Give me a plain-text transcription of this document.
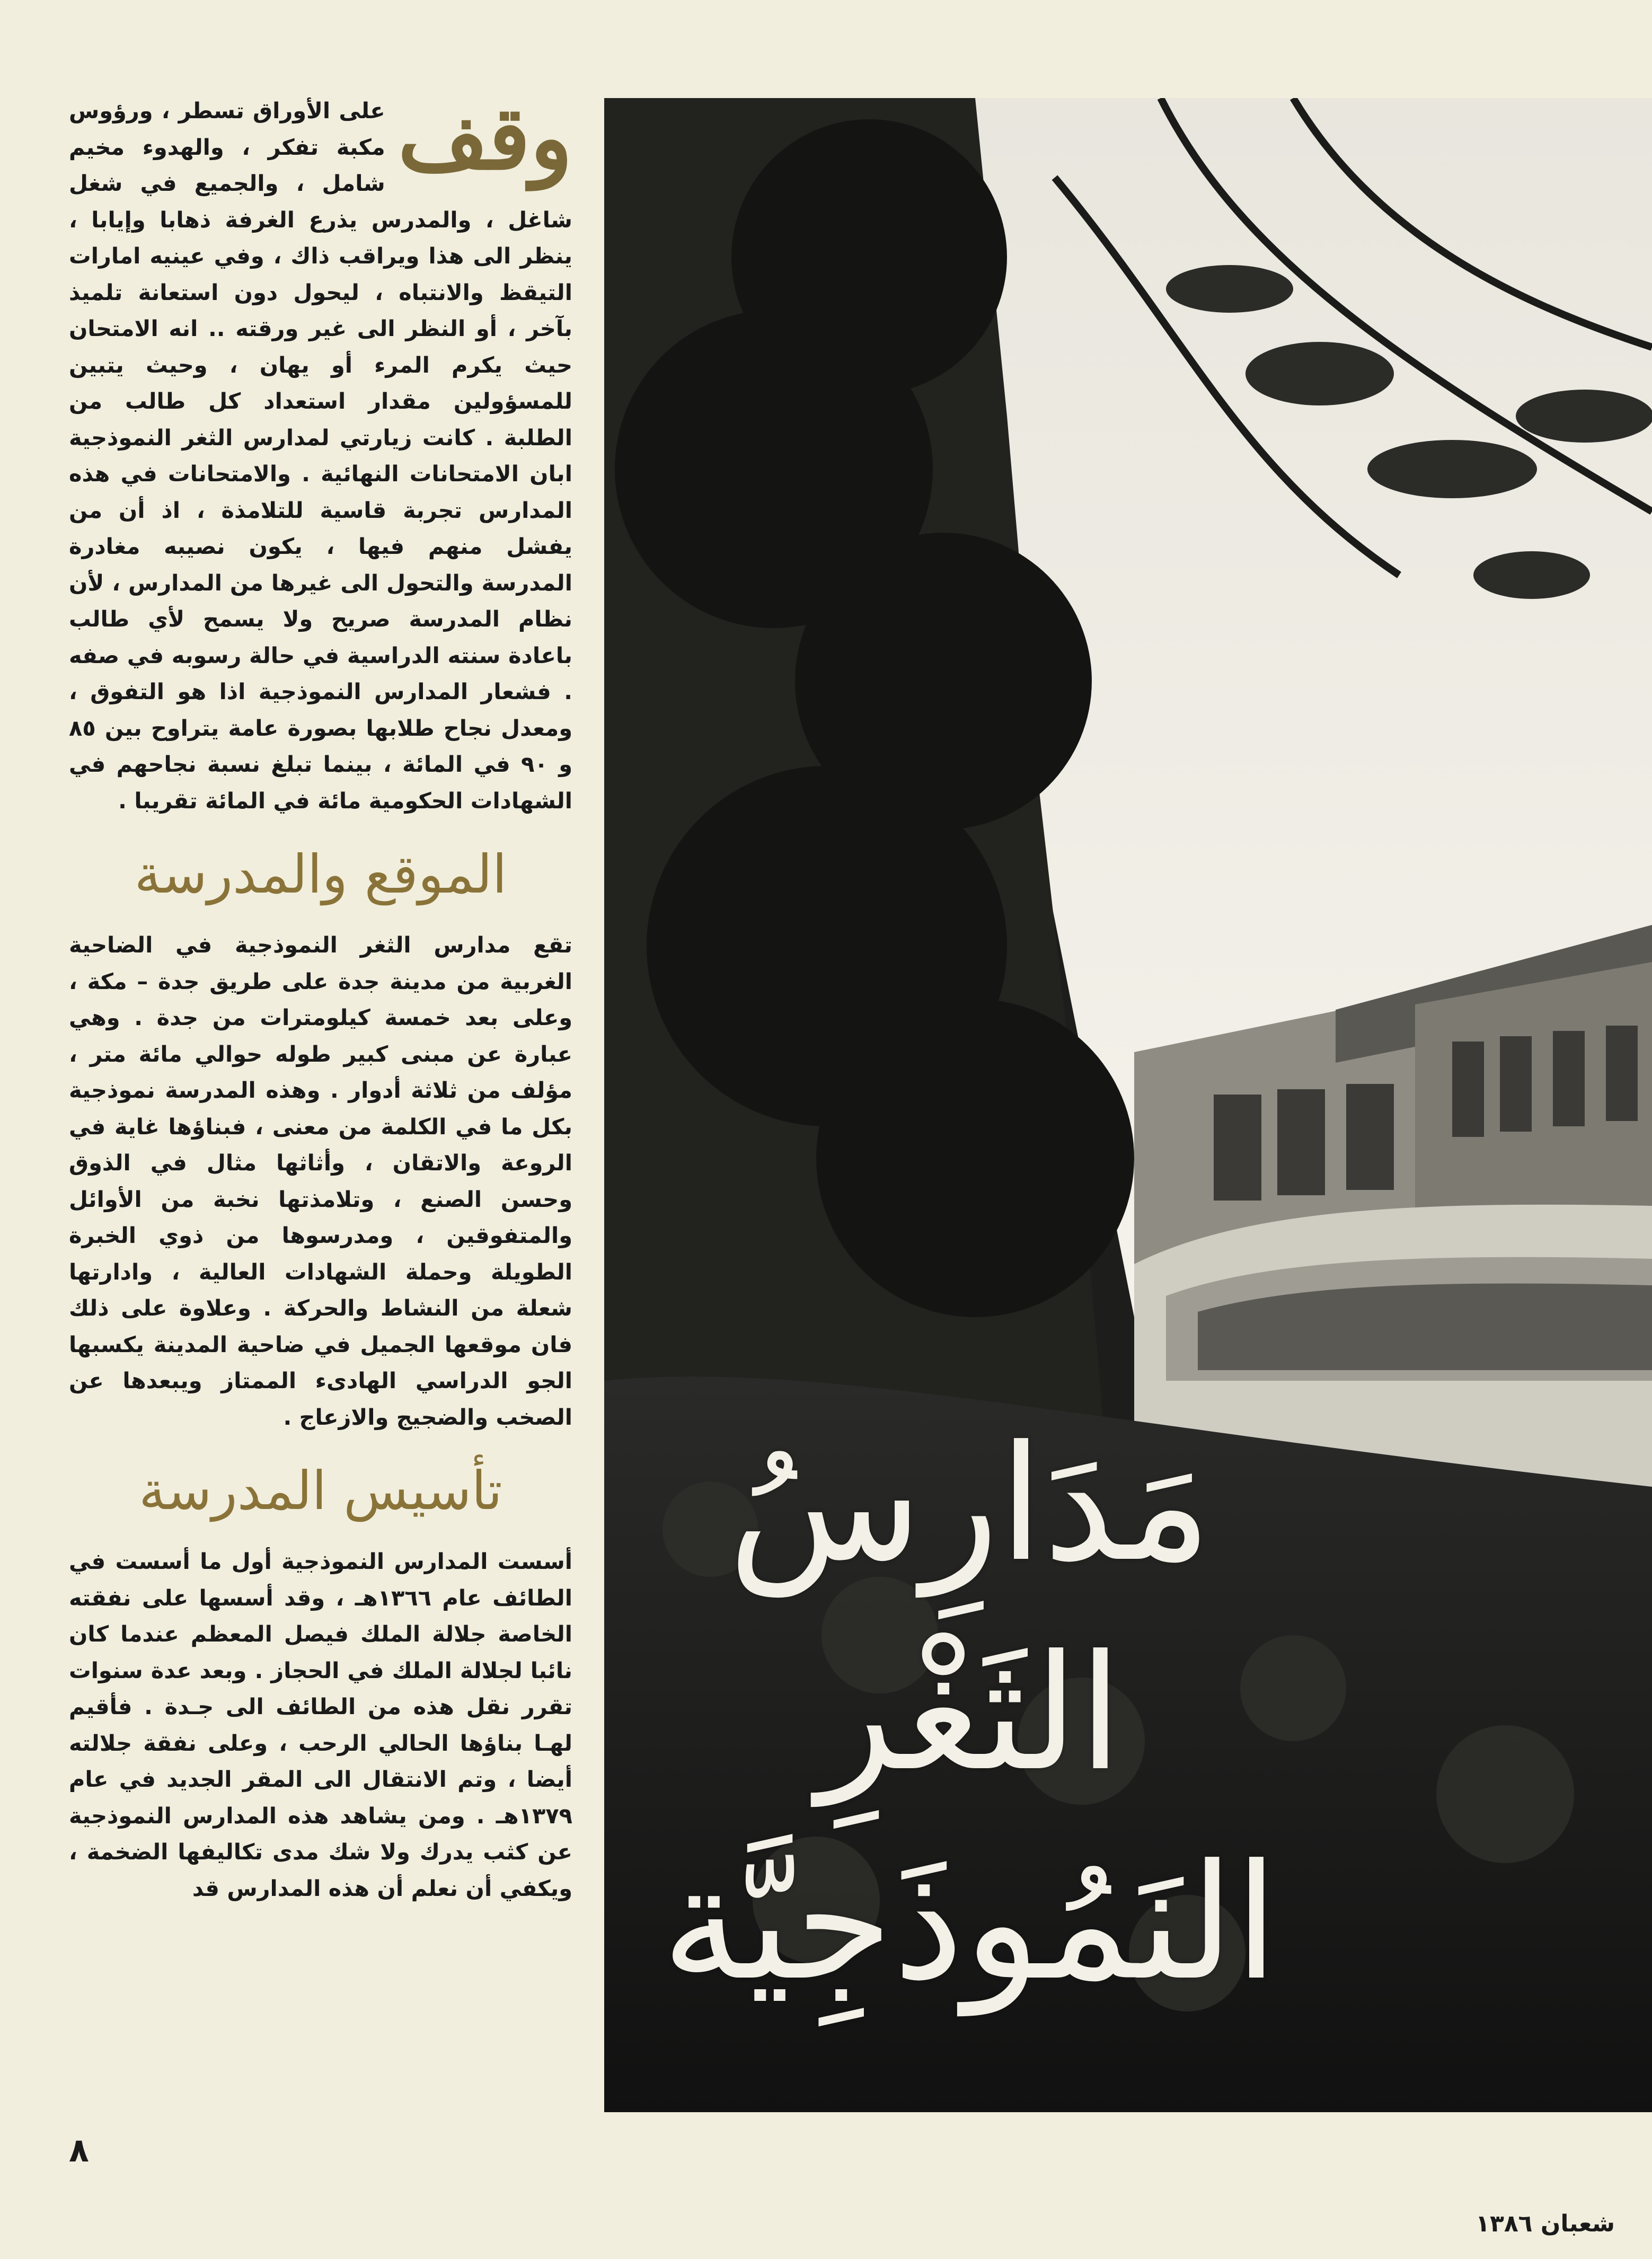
وقف
على الأوراق تسطر ، ورؤوس مكبة تفكر ، والهدوء مخيم شامل ، والجميع في شغل شاغل ، والمدرس يذرع الغرفة ذهابا وإيابا ، ينظر الى هذا ويراقب ذاك ، وفي عينيه امارات التيقظ والانتباه ، ليحول دون استعانة تلميذ بآخر ، أو النظر الى غير ورقته .. انه الامتحان حيث يكرم المرء أو يهان ، وحيث يتبين للمسؤولين مقدار استعداد كل طالب من الطلبة . كانت زيارتي لمدارس الثغر النموذجية ابان الامتحانات النهائية . والامتحانات في هذه المدارس تجربة قاسية للتلامذة ، اذ أن من يفشل منهم فيها ، يكون نصيبه مغادرة المدرسة والتحول الى غيرها من المدارس ، لأن نظام المدرسة صريح ولا يسمح لأي طالب باعادة سنته الدراسية في حالة رسوبه في صفه . فشعار المدارس النموذجية اذا هو التفوق ، ومعدل نجاح طلابها بصورة عامة يتراوح بين ٨٥ و ٩٠ في المائة ، بينما تبلغ نسبة نجاحهم في الشهادات الحكومية مائة في المائة تقريبا .

الموقع والمدرسة

تقع مدارس الثغر النموذجية في الضاحية الغربية من مدينة جدة على طريق جدة – مكة ، وعلى بعد خمسة كيلومترات من جدة . وهي عبارة عن مبنى كبير طوله حوالي مائة متر ، مؤلف من ثلاثة أدوار . وهذه المدرسة نموذجية بكل ما في الكلمة من معنى ، فبناؤها غاية في الروعة والاتقان ، وأثاثها مثال في الذوق وحسن الصنع ، وتلامذتها نخبة من الأوائل والمتفوقين ، ومدرسوها من ذوي الخبرة الطويلة وحملة الشهادات العالية ، وادارتها شعلة من النشاط والحركة . وعلاوة على ذلك فان موقعها الجميل في ضاحية المدينة يكسبها الجو الدراسي الهادىء الممتاز ويبعدها عن الصخب والضجيج والازعاج .

تأسيس المدرسة

أسست المدارس النموذجية أول ما أسست في الطائف عام ١٣٦٦هـ ، وقد أسسها على نفقته الخاصة جلالة الملك فيصل المعظم عندما كان نائبا لجلالة الملك في الحجاز . وبعد عدة سنوات تقرر نقل هذه من الطائف الى جـدة . فأقيم لهـا بناؤها الحالي الرحب ، وعلى نفقة جلالته أيضا ، وتم الانتقال الى المقر الجديد في عام ١٣٧٩هـ . ومن يشاهد هذه المدارس النموذجية عن كثب يدرك ولا شك مدى تكاليفها الضخمة ، ويكفي أن نعلم أن هذه المدارس قد

مَدَارِسُ
الثَغْرِ
النَمُوذَجِيَّة
٨
شعبان ١٣٨٦
